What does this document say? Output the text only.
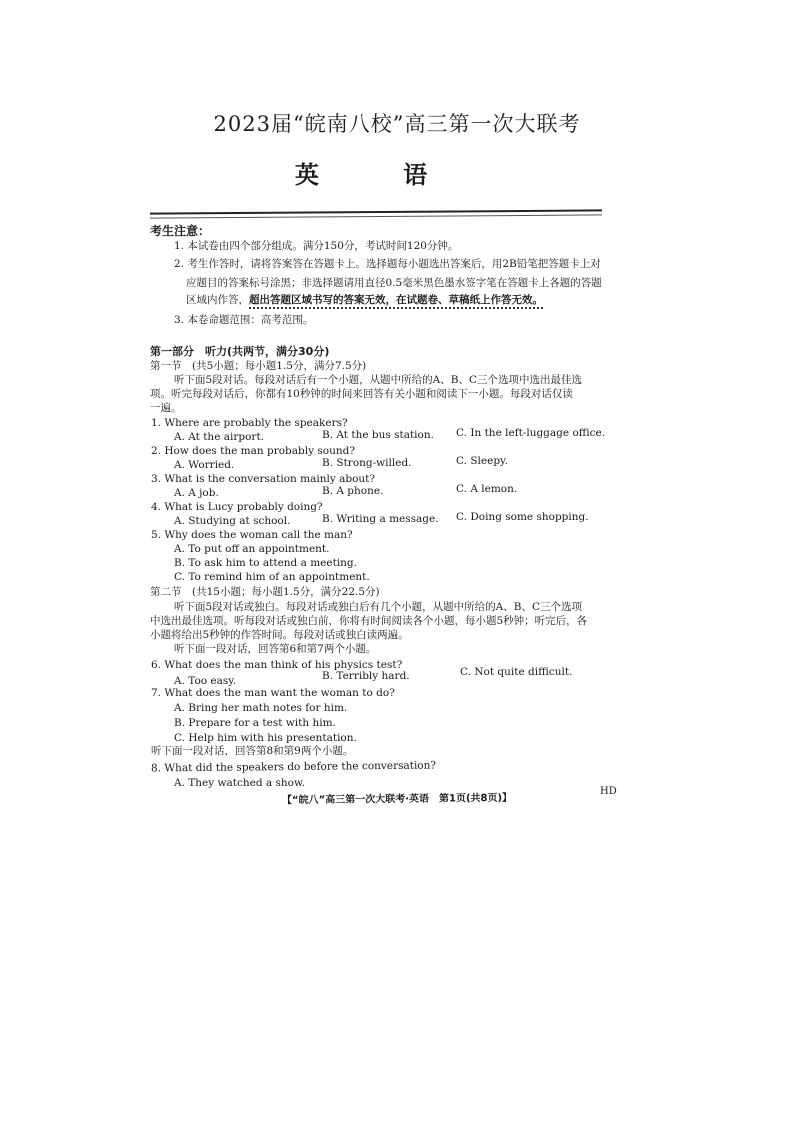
2023届“皖南八校”高三第一次大联考
英 语
考生注意：
1. 本试卷由四个部分组成。满分150分，考试时间120分钟。
2. 考生作答时，请将答案答在答题卡上。选择题每小题选出答案后，用2B铅笔把答题卡上对
应题目的答案标号涂黑；非选择题请用直径0.5毫米黑色墨水签字笔在答题卡上各题的答题
区域内作答，超出答题区域书写的答案无效，在试题卷、草稿纸上作答无效。
3. 本卷命题范围：高考范围。
第一部分　听力(共两节，满分30分)
第一节　(共5小题；每小题1.5分，满分7.5分)
听下面5段对话。每段对话后有一个小题，从题中所给的A、B、C三个选项中选出最佳选
项。听完每段对话后，你都有10秒钟的时间来回答有关小题和阅读下一小题。每段对话仅读
一遍。
1. Where are probably the speakers?
A. At the airport.	B. At the bus station. C. In the left-luggage office.
2. How does the man probably sound?
A. Worried.	B. Strong-willed.	C. Sleepy.
3. What is the conversation mainly about?
A. A job.	B. A phone.	C. A lemon.
4. What is Lucy probably doing?
A. Studying at school.	B. Writing a message. C. Doing some shopping.
5. Why does the woman call the man?
A. To put off an appointment.
B. To ask him to attend a meeting.
C. To remind him of an appointment.
第二节　(共15小题；每小题1.5分，满分22.5分)
听下面5段对话或独白。每段对话或独白后有几个小题，从题中所给的A、B、C三个选项
中选出最佳选项。听每段对话或独白前，你将有时间阅读各个小题，每小题5秒钟；听完后，各
小题将给出5秒钟的作答时间。每段对话或独白读两遍。
听下面一段对话，回答第6和第7两个小题。
6. What does the man think of his physics test?
A. Too easy.	B. Terribly hard.	C. Not quite difficult.
7. What does the man want the woman to do?
A. Bring her math notes for him.
B. Prepare for a test with him.
C. Help him with his presentation.
听下面一段对话，回答第8和第9两个小题。
8. What did the speakers do before the conversation?
A. They watched a show.
【“皖八”高三第一次大联考·英语　第1页(共8页)】
HD
